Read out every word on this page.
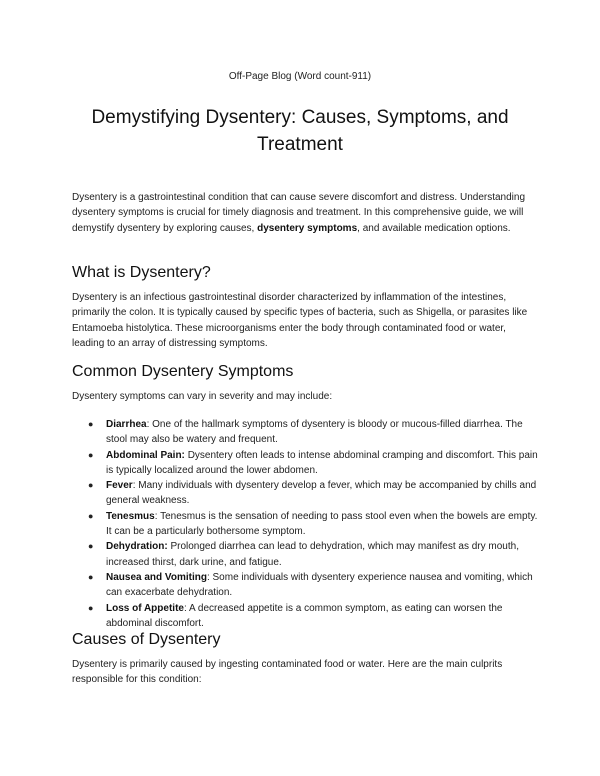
Off-Page Blog (Word count-911)
Demystifying Dysentery: Causes, Symptoms, and Treatment

Dysentery is a gastrointestinal condition that can cause severe discomfort and distress. Understanding dysentery symptoms is crucial for timely diagnosis and treatment. In this comprehensive guide, we will demystify dysentery by exploring causes, dysentery symptoms, and available medication options.

What is Dysentery?

Dysentery is an infectious gastrointestinal disorder characterized by inflammation of the intestines, primarily the colon. It is typically caused by specific types of bacteria, such as Shigella, or parasites like Entamoeba histolytica. These microorganisms enter the body through contaminated food or water, leading to an array of distressing symptoms.

Common Dysentery Symptoms

Dysentery symptoms can vary in severity and may include:

● Diarrhea: One of the hallmark symptoms of dysentery is bloody or mucous-filled diarrhea. The stool may also be watery and frequent.
● Abdominal Pain: Dysentery often leads to intense abdominal cramping and discomfort. This pain is typically localized around the lower abdomen.
● Fever: Many individuals with dysentery develop a fever, which may be accompanied by chills and general weakness.
● Tenesmus: Tenesmus is the sensation of needing to pass stool even when the bowels are empty. It can be a particularly bothersome symptom.
● Dehydration: Prolonged diarrhea can lead to dehydration, which may manifest as dry mouth, increased thirst, dark urine, and fatigue.
● Nausea and Vomiting: Some individuals with dysentery experience nausea and vomiting, which can exacerbate dehydration.
● Loss of Appetite: A decreased appetite is a common symptom, as eating can worsen the abdominal discomfort.
Causes of Dysentery

Dysentery is primarily caused by ingesting contaminated food or water. Here are the main culprits responsible for this condition:
